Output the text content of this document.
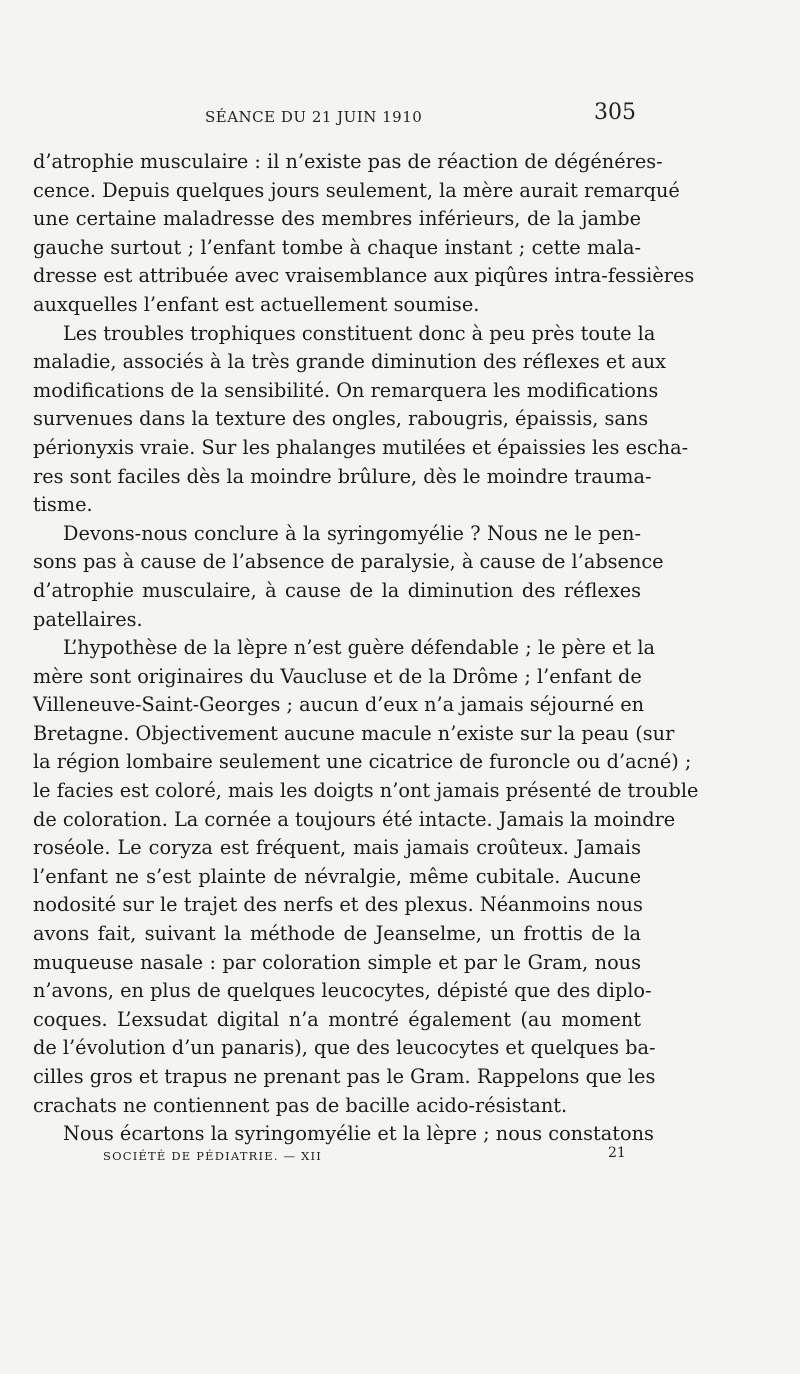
SÉANCE DU 21 JUIN 1910	305
d’atrophie musculaire : il n’existe pas de réaction de dégénéres-
cence. Depuis quelques jours seulement, la mère aurait remarqué
une certaine maladresse des membres inférieurs, de la jambe
gauche surtout ; l’enfant tombe à chaque instant ; cette mala-
dresse est attribuée avec vraisemblance aux piqûres intra-fessières
auxquelles l’enfant est actuellement soumise.
Les troubles trophiques constituent donc à peu près toute la
maladie, associés à la très grande diminution des réflexes et aux
modifications de la sensibilité. On remarquera les modifications
survenues dans la texture des ongles, rabougris, épaissis, sans
périonyxis vraie. Sur les phalanges mutilées et épaissies les escha-
res sont faciles dès la moindre brûlure, dès le moindre trauma-
tisme.
Devons-nous conclure à la syringomyélie ? Nous ne le pen-
sons pas à cause de l’absence de paralysie, à cause de l’absence
d’atrophie musculaire, à cause de la diminution des réflexes
patellaires.
L’hypothèse de la lèpre n’est guère défendable ; le père et la
mère sont originaires du Vaucluse et de la Drôme ; l’enfant de
Villeneuve-Saint-Georges ; aucun d’eux n’a jamais séjourné en
Bretagne. Objectivement aucune macule n’existe sur la peau (sur
la région lombaire seulement une cicatrice de furoncle ou d’acné) ;
le facies est coloré, mais les doigts n’ont jamais présenté de trouble
de coloration. La cornée a toujours été intacte. Jamais la moindre
roséole. Le coryza est fréquent, mais jamais croûteux. Jamais
l’enfant ne s’est plainte de névralgie, même cubitale. Aucune
nodosité sur le trajet des nerfs et des plexus. Néanmoins nous
avons fait, suivant la méthode de Jeanselme, un frottis de la
muqueuse nasale : par coloration simple et par le Gram, nous
n’avons, en plus de quelques leucocytes, dépisté que des diplo-
coques. L’exsudat digital n’a montré également (au moment
de l’évolution d’un panaris), que des leucocytes et quelques ba-
cilles gros et trapus ne prenant pas le Gram. Rappelons que les
crachats ne contiennent pas de bacille acido-résistant.
Nous écartons la syringomyélie et la lèpre ; nous constatons
SOCIÉTÉ DE PÉDIATRIE. — XII	21
